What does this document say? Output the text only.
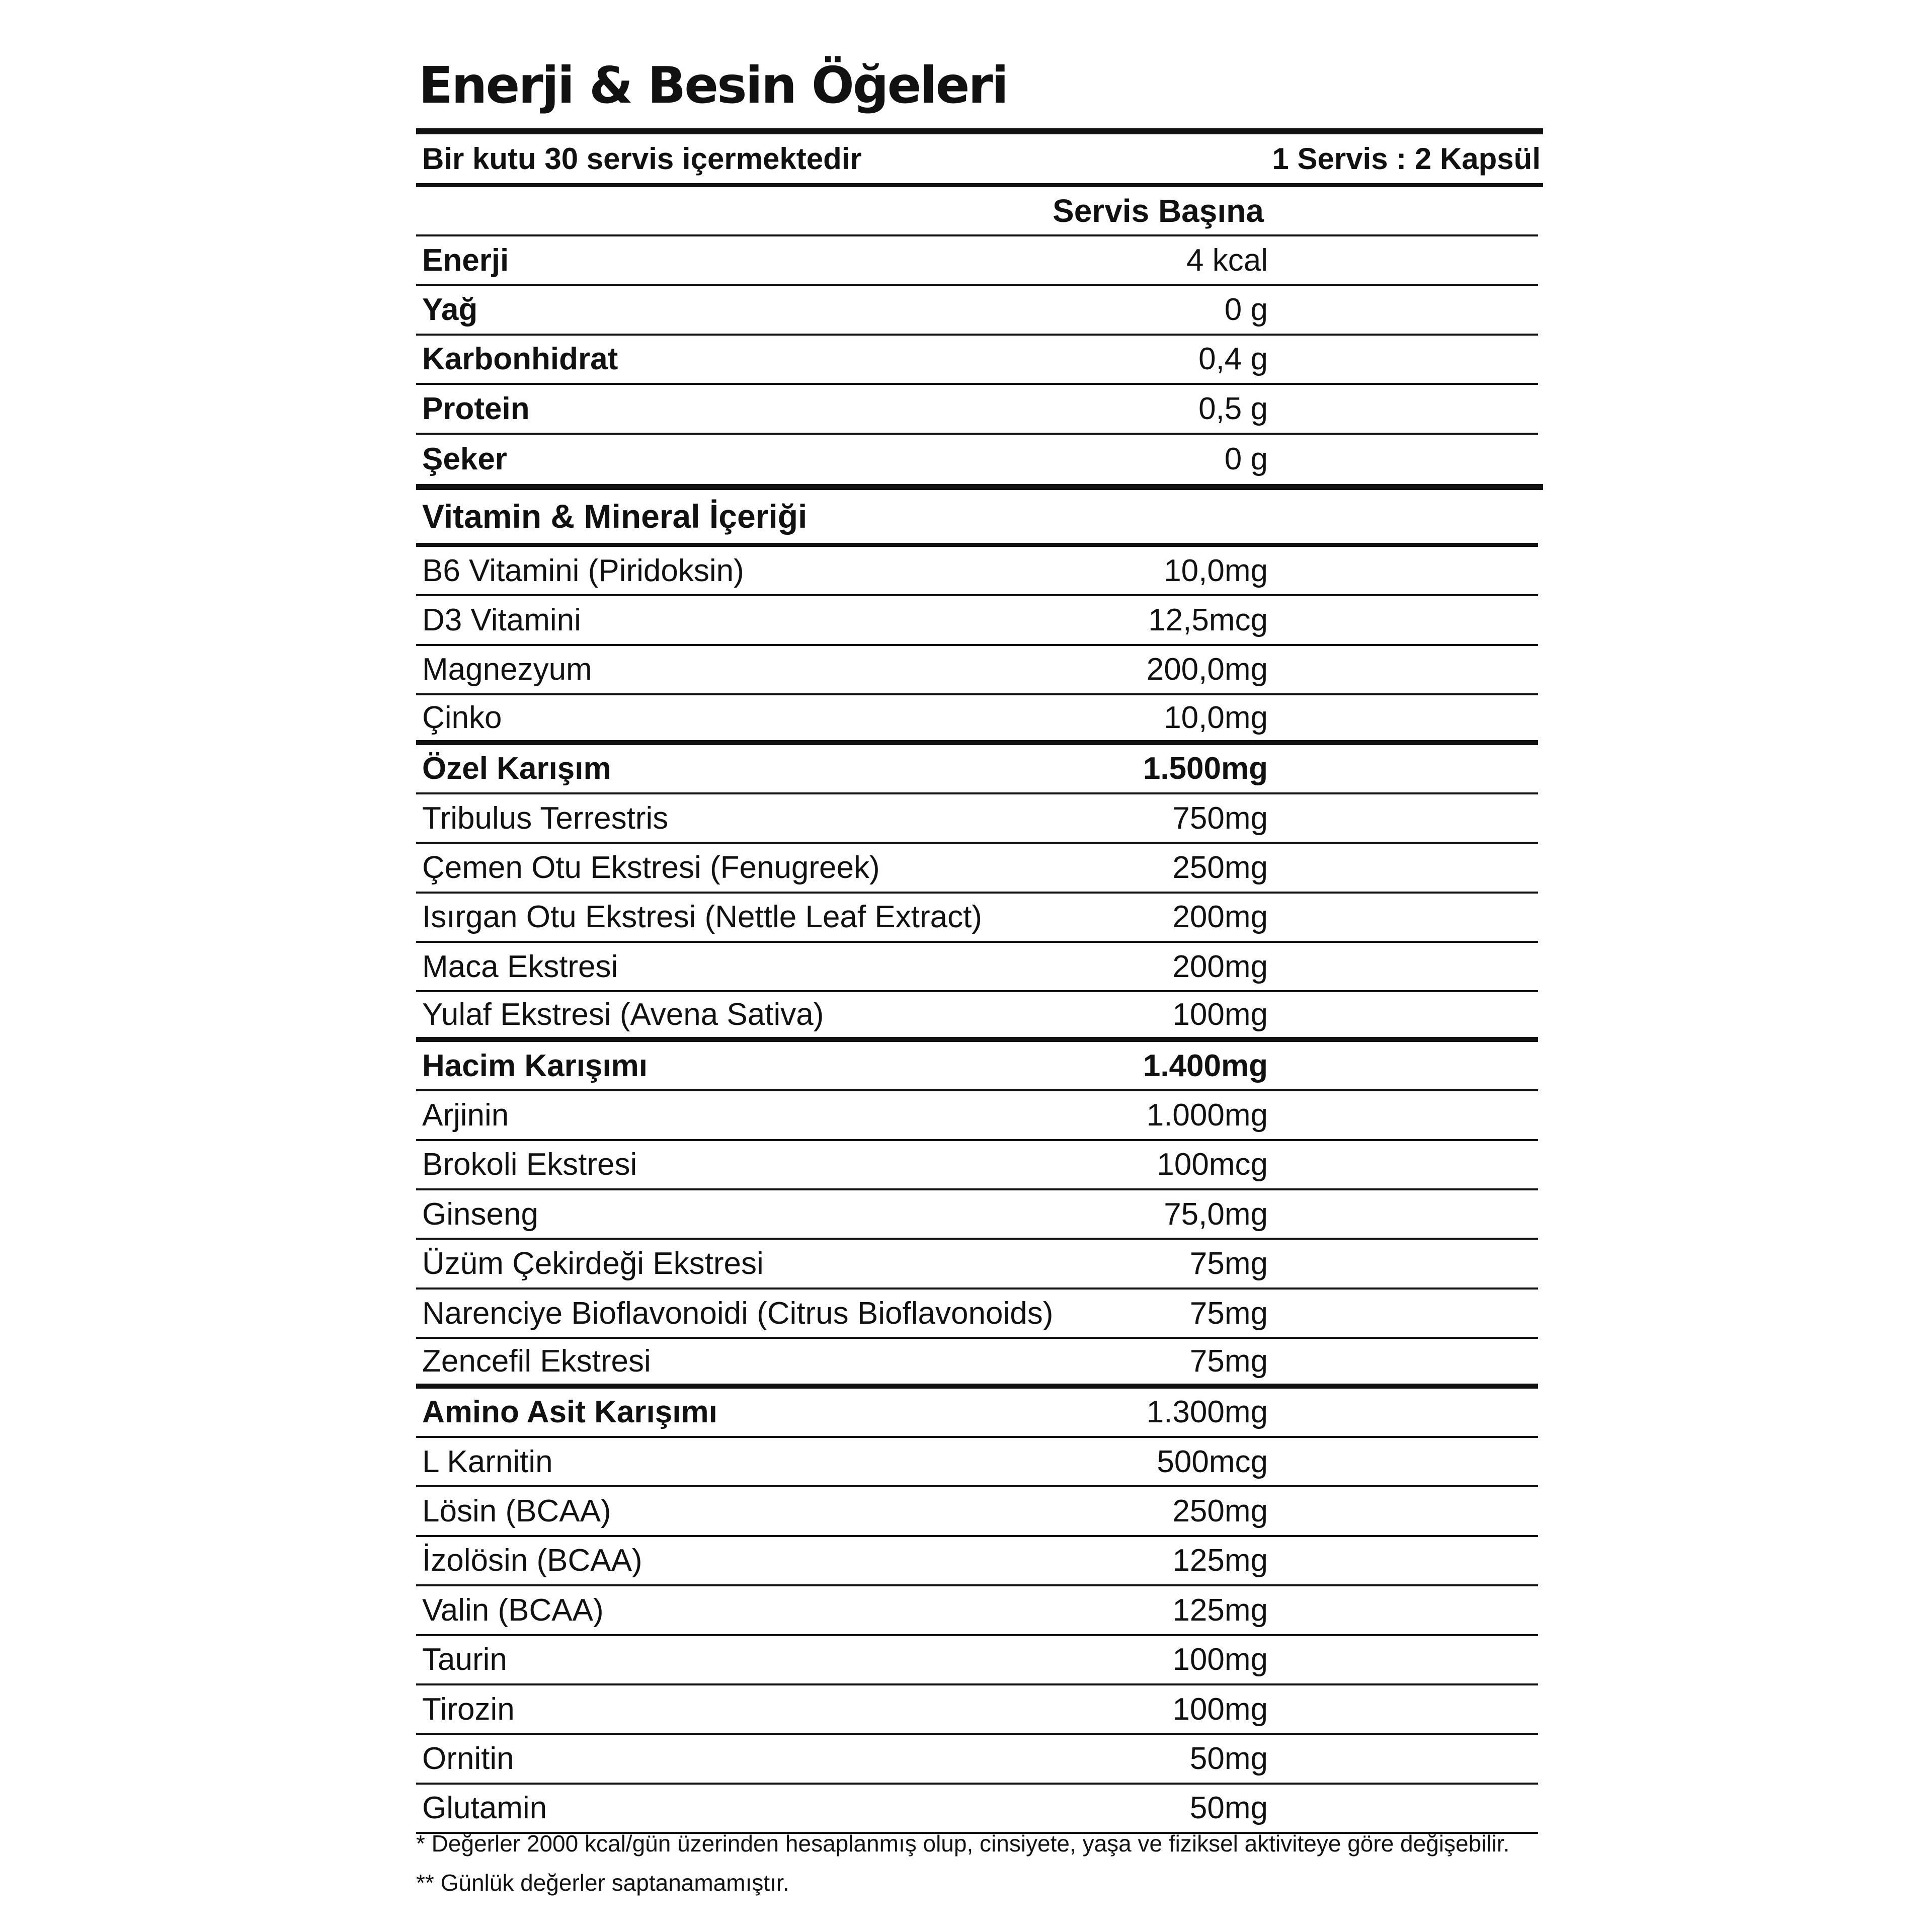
Enerji & Besin Öğeleri
Bir kutu 30 servis içermektedir	1 Servis : 2 Kapsül
Servis Başına
Enerji	4 kcal
Yağ	0 g
Karbonhidrat	0,4 g
Protein	0,5 g
Şeker	0 g
Vitamin & Mineral İçeriği
B6 Vitamini (Piridoksin)	10,0mg
D3 Vitamini	12,5mcg
Magnezyum	200,0mg
Çinko	10,0mg
Özel Karışım	1.500mg
Tribulus Terrestris	750mg
Çemen Otu Ekstresi (Fenugreek)	250mg
Isırgan Otu Ekstresi (Nettle Leaf Extract)	200mg
Maca Ekstresi	200mg
Yulaf Ekstresi (Avena Sativa)	100mg
Hacim Karışımı	1.400mg
Arjinin	1.000mg
Brokoli Ekstresi	100mcg
Ginseng	75,0mg
Üzüm Çekirdeği Ekstresi	75mg
Narenciye Bioflavonoidi (Citrus Bioflavonoids)	75mg
Zencefil Ekstresi	75mg
Amino Asit Karışımı	1.300mg
L Karnitin	500mcg
Lösin (BCAA)	250mg
İzolösin (BCAA)	125mg
Valin (BCAA)	125mg
Taurin	100mg
Tirozin	100mg
Ornitin	50mg
Glutamin	50mg
* Değerler 2000 kcal/gün üzerinden hesaplanmış olup, cinsiyete, yaşa ve fiziksel aktiviteye göre değişebilir.
** Günlük değerler saptanamamıştır.
